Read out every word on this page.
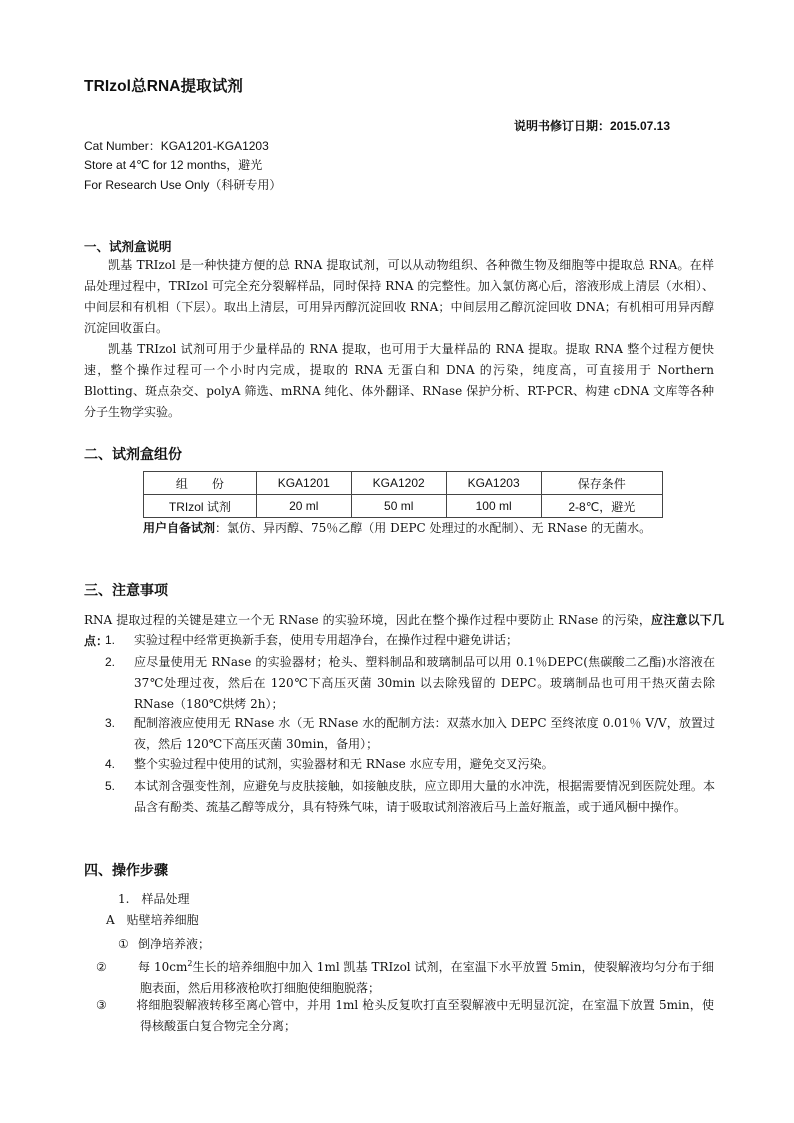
TRIzol总RNA提取试剂
说明书修订日期：2015.07.13
Cat Number：KGA1201-KGA1203
Store at 4℃ for 12 months，避光
For Research Use Only（科研专用）
一、试剂盒说明
凯基 TRIzol 是一种快捷方便的总 RNA 提取试剂，可以从动物组织、各种微生物及细胞等中提取总 RNA。在样品处理过程中，TRIzol 可完全充分裂解样品，同时保持 RNA 的完整性。加入氯仿离心后，溶液形成上清层（水相）、中间层和有机相（下层）。取出上清层，可用异丙醇沉淀回收 RNA；中间层用乙醇沉淀回收 DNA；有机相可用异丙醇沉淀回收蛋白。
凯基 TRIzol 试剂可用于少量样品的 RNA 提取，也可用于大量样品的 RNA 提取。提取 RNA 整个过程方便快速，整个操作过程可一个小时内完成，提取的 RNA 无蛋白和 DNA 的污染，纯度高，可直接用于 Northern Blotting、斑点杂交、polyA 筛选、mRNA 纯化、体外翻译、RNase 保护分析、RT-PCR、构建 cDNA 文库等各种分子生物学实验。
二、试剂盒组份
组　　份	KGA1201	KGA1202	KGA1203	保存条件
TRIzol 试剂	20 ml	50 ml	100 ml	2-8℃，避光
用户自备试剂：氯仿、异丙醇、75％乙醇（用 DEPC 处理过的水配制）、无 RNase 的无菌水。
三、注意事项
RNA 提取过程的关键是建立一个无 RNase 的实验环境，因此在整个操作过程中要防止 RNase 的污染，应注意以下几点：
1.	实验过程中经常更换新手套，使用专用超净台，在操作过程中避免讲话；
2.	应尽量使用无 RNase 的实验器材；枪头、塑料制品和玻璃制品可以用 0.1％DEPC(焦碳酸二乙酯)水溶液在 37℃处理过夜，然后在 120℃下高压灭菌 30min 以去除残留的 DEPC。玻璃制品也可用干热灭菌去除 RNase（180℃烘烤 2h）；
3.	配制溶液应使用无 RNase 水（无 RNase 水的配制方法：双蒸水加入 DEPC 至终浓度 0.01％ V/V，放置过夜，然后 120℃下高压灭菌 30min，备用）；
4.	整个实验过程中使用的试剂，实验器材和无 RNase 水应专用，避免交叉污染。
5.	本试剂含强变性剂，应避免与皮肤接触，如接触皮肤，应立即用大量的水冲洗，根据需要情况到医院处理。本品含有酚类、巯基乙醇等成分，具有特殊气味，请于吸取试剂溶液后马上盖好瓶盖，或于通风橱中操作。
四、操作步骤
1.　样品处理
A　贴壁培养细胞
① 倒净培养液；
②	每 $10cm^2$生长的培养细胞中加入 1ml 凯基 TRIzol 试剂，在室温下水平放置 5min，使裂解液均匀分布于细胞表面，然后用移液枪吹打细胞使细胞脱落；
③ 将细胞裂解液转移至离心管中，并用 1ml 枪头反复吹打直至裂解液中无明显沉淀，在室温下放置 5min，使得核酸蛋白复合物完全分离；
